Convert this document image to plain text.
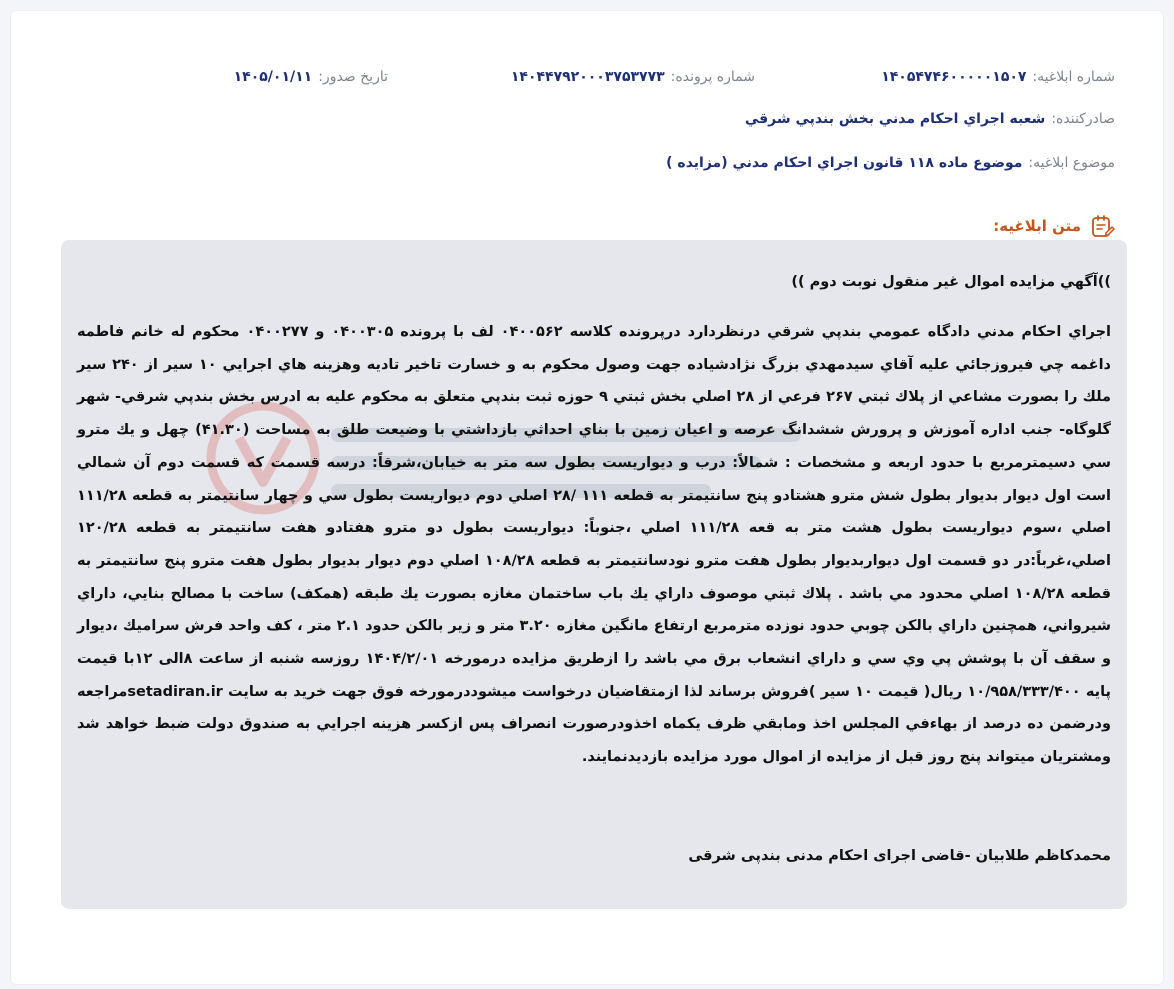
شماره ابلاغیه:
۱۴۰۵۴۷۴۶۰۰۰۰۰۱۵۰۷
شماره پرونده:
۱۴۰۴۴۷۹۲۰۰۰۳۷۵۳۷۷۳
تاریخ صدور:
۱۴۰۵/۰۱/۱۱
صادرکننده:
شعبه اجراي احكام مدني بخش بندپي شرقي
موضوع ابلاغیه:
موضوع ماده ۱۱۸ قانون اجراي احكام مدني (مزايده )
متن ابلاغیه:
))آگهي مزايده اموال غير منقول نوبت دوم ))

اجراي احكام مدني دادگاه عمومي بندپي شرقي درنظردارد درپرونده كلاسه ۰۴۰۰۵۶۲ لف با پرونده ۰۴۰۰۳۰۵ و ۰۴۰۰۲۷۷ محكوم له خانم فاطمه داغمه چي فيروزجائي عليه آقاي سيدمهدي بزرگ نژادشياده جهت وصول محكوم به و خسارت تاخير تاديه وهزينه هاي اجرايي ۱۰ سير از ۲۴۰ سير ملك را بصورت مشاعي از پلاك ثبتي ۲۶۷ فرعي از ۲۸ اصلي بخش ثبتي ۹ حوزه ثبت بندپي متعلق به محكوم عليه به ادرس بخش بندپي شرقي- شهر گلوگاه- جنب اداره آموزش و پرورش ششدانگ عرصه و اعيان زمين با بناي احداثي بازداشتي با وضيعت طلق به مساحت (۴۱.۳۰) چهل و يك مترو سي دسيمترمربع با حدود اربعه و مشخصات : شمالاً: درب و ديواريست بطول سه متر به خيابان،شرقاً: درسه قسمت كه قسمت دوم آن شمالي است اول ديوار بديوار بطول شش مترو هشتادو پنج سانتيمتر به قطعه ۱۱۱ /۲۸ اصلي دوم ديواريست بطول سي و چهار سانتيمتر به قطعه ۱۱۱/۲۸ اصلي ،سوم ديواريست بطول هشت متر به قعه ۱۱۱/۲۸ اصلي ،جنوباً: ديواريست بطول دو مترو هفتادو هفت سانتيمتر به قطعه ۱۲۰/۲۸ اصلي،غرباً:در دو قسمت اول ديواربديوار بطول هفت مترو نودسانتيمتر به قطعه ۱۰۸/۲۸ اصلي دوم ديوار بديوار بطول هفت مترو پنج سانتيمتر به قطعه ۱۰۸/۲۸ اصلي محدود مي باشد . پلاك ثبتي موصوف داراي يك باب ساختمان مغازه بصورت يك طبقه (همكف) ساخت با مصالح بنايي، داراي شيرواني، همچنين داراي بالكن چوبي حدود نوزده مترمربع ارتفاع مانگين مغازه ۳.۲۰ متر و زير بالكن حدود ۲.۱ متر ، كف واحد فرش سراميك ،ديوار و سقف آن با پوشش پي وي سي و داراي انشعاب برق مي باشد را ازطريق مزايده درمورخه ۱۴۰۴/۲/۰۱ روزسه شنبه از ساعت ۸الی ۱۲با قيمت پايه ۱۰/۹۵۸/۳۳۳/۴۰۰ ريال( قيمت ۱۰ سير )فروش برساند لذا ازمتقاضيان درخواست ميشوددرمورخه فوق جهت خريد به سايت setadiran.irمراجعه ودرضمن ده درصد از بهاءفي المجلس اخذ ومابقي ظرف يكماه اخذودرصورت انصراف پس ازكسر هزينه اجرايي به صندوق دولت ضبط خواهد شد ومشتريان ميتواند پنج روز قبل از مزايده از اموال مورد مزايده بازديدنمايند.

محمدکاظم طلابیان -قاضی اجرای احکام مدنی بندپی شرقی
